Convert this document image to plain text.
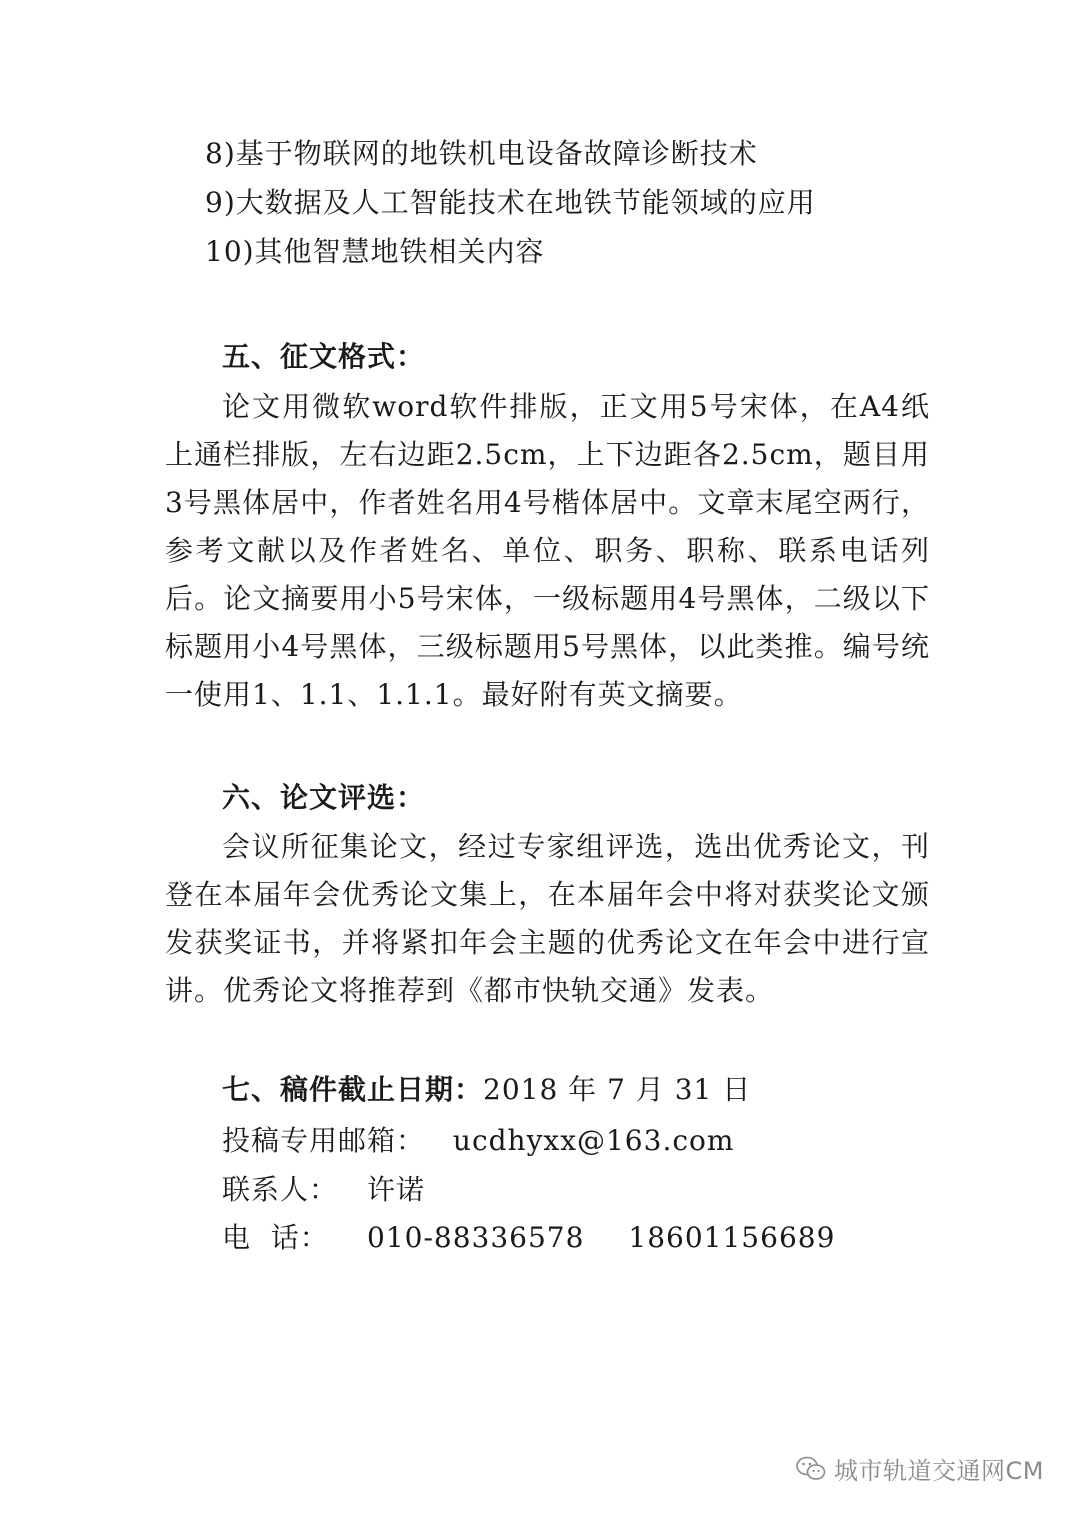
8)基于物联网的地铁机电设备故障诊断技术
9)大数据及人工智能技术在地铁节能领域的应用
10)其他智慧地铁相关内容
五、征文格式：
论文用微软word软件排版，正文用5号宋体，在A4纸上通栏排版，左右边距2.5cm，上下边距各2.5cm，题目用3号黑体居中，作者姓名用4号楷体居中。文章末尾空两行，参考文献以及作者姓名、单位、职务、职称、联系电话列后。论文摘要用小5号宋体，一级标题用4号黑体，二级以下标题用小4号黑体，三级标题用5号黑体，以此类推。编号统一使用1、1.1、1.1.1。最好附有英文摘要。
六、论文评选：
会议所征集论文，经过专家组评选，选出优秀论文，刊登在本届年会优秀论文集上，在本届年会中将对获奖论文颁发获奖证书，并将紧扣年会主题的优秀论文在年会中进行宣讲。优秀论文将推荐到《都市快轨交通》发表。
七、稿件截止日期：2018 年 7 月 31 日
投稿专用邮箱： ucdhyxx@163.com
联系人： 许诺
电  话： 010-88336578 18601156689
城市轨道交通网CM
